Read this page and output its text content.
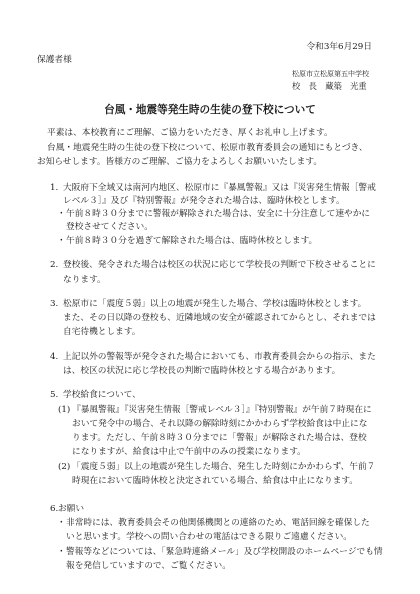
令和3年6月29日
保護者様
松原市立松原第五中学校
校　長　藏築　光重
台風・地震等発生時の生徒の登下校について
平素は、本校教育にご理解、ご協力をいただき、厚くお礼申し上げます。
台風・地震発生時の生徒の登下校について、松原市教育委員会の通知にもとづき、
お知らせします。皆様方のご理解、ご協力をよろしくお願いいたします。
1. 大阪府下全域又は南河内地区、松原市に『暴風警報』又は『災害発生情報［警戒
レベル３］』及び『特別警報』が発令された場合は、臨時休校とします。
・午前８時３０分までに警報が解除された場合は、安全に十分注意して速やかに
登校させてください。
・午前８時３０分を過ぎて解除された場合は、臨時休校とします。
2. 登校後、発令された場合は校区の状況に応じて学校長の判断で下校させることに
なります。
3. 松原市に「震度５弱」以上の地震が発生した場合、学校は臨時休校とします。
また、その日以降の登校も、近隣地域の安全が確認されてからとし、それまでは
自宅待機とします。
4. 上記以外の警報等が発令された場合においても、市教育委員会からの指示、また
は、校区の状況に応じ学校長の判断で臨時休校とする場合があります。
5. 学校給食について、
(1) 『暴風警報』『災害発生情報［警戒レベル３］』『特別警報』が午前７時現在に
おいて発令中の場合、それ以降の解除時刻にかかわらず学校給食は中止にな
ります。ただし、午前８時３０分までに「警報」が解除された場合は、登校
になりますが、給食は中止で午前中のみの授業になります。
(2) 「震度５弱」以上の地震が発生した場合、発生した時刻にかかわらず、午前７
時現在において臨時休校と決定されている場合、給食は中止になります。
6.お願い
・非常時には、教育委員会その他関係機関との連絡のため、電話回線を確保した
いと思います。学校への問い合わせの電話はできる限りご遠慮ください。
・警報等などについては、「緊急時連絡メール」及び学校開設のホームページでも情
報を発信していますので、ご覧ください。
